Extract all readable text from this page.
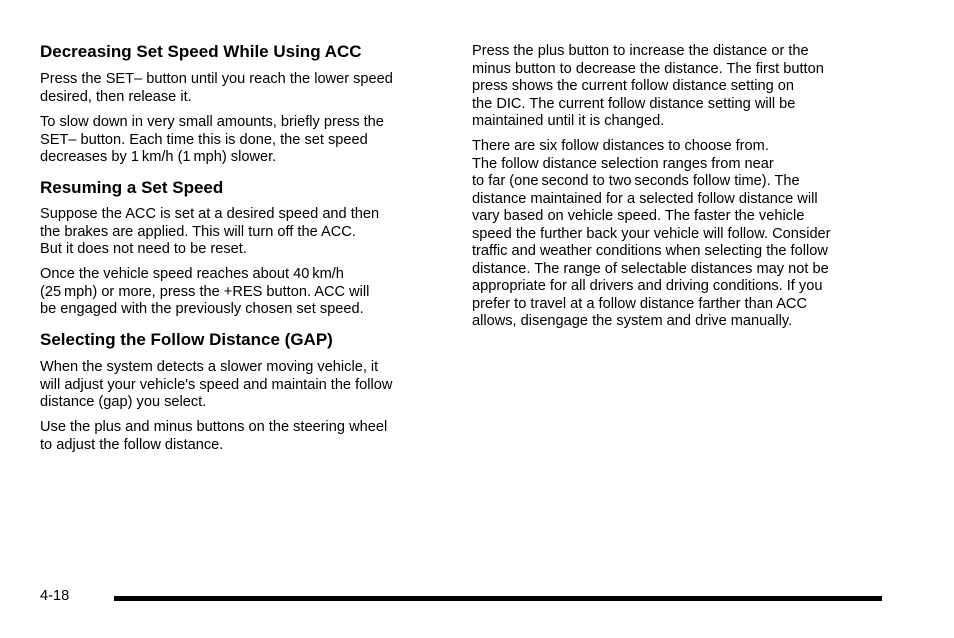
Decreasing Set Speed While Using ACC

Press the SET– button until you reach the lower speed
desired, then release it.

To slow down in very small amounts, briefly press the
SET– button. Each time this is done, the set speed
decreases by 1 km/h (1 mph) slower.

Resuming a Set Speed

Suppose the ACC is set at a desired speed and then
the brakes are applied. This will turn off the ACC.
But it does not need to be reset.

Once the vehicle speed reaches about 40 km/h
(25 mph) or more, press the +RES button. ACC will
be engaged with the previously chosen set speed.

Selecting the Follow Distance (GAP)

When the system detects a slower moving vehicle, it
will adjust your vehicle's speed and maintain the follow
distance (gap) you select.

Use the plus and minus buttons on the steering wheel
to adjust the follow distance.

Press the plus button to increase the distance or the
minus button to decrease the distance. The first button
press shows the current follow distance setting on
the DIC. The current follow distance setting will be
maintained until it is changed.

There are six follow distances to choose from.
The follow distance selection ranges from near
to far (one second to two seconds follow time). The
distance maintained for a selected follow distance will
vary based on vehicle speed. The faster the vehicle
speed the further back your vehicle will follow. Consider
traffic and weather conditions when selecting the follow
distance. The range of selectable distances may not be
appropriate for all drivers and driving conditions. If you
prefer to travel at a follow distance farther than ACC
allows, disengage the system and drive manually.

4-18
